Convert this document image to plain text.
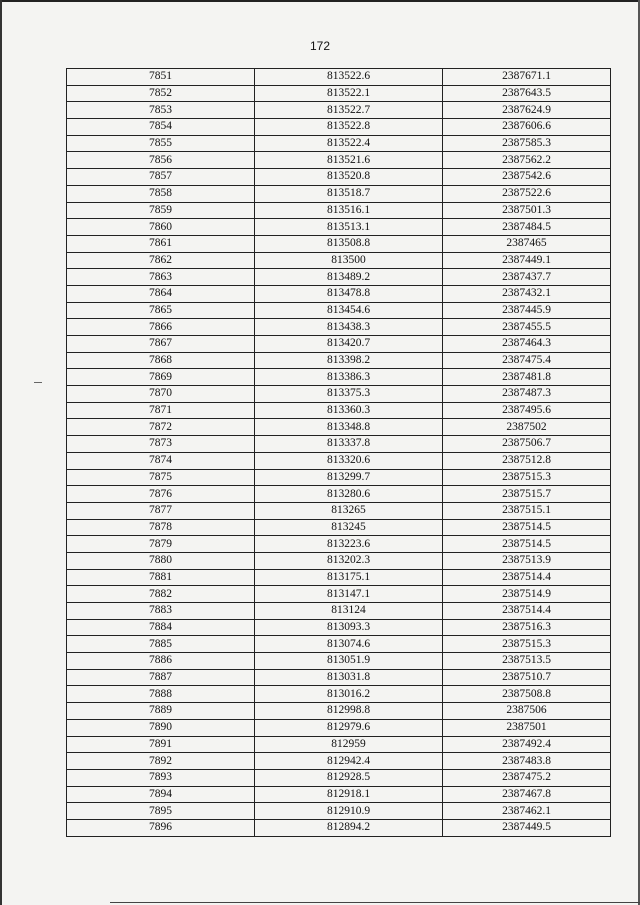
172
7851	813522.6	2387671.1
7852	813522.1	2387643.5
7853	813522.7	2387624.9
7854	813522.8	2387606.6
7855	813522.4	2387585.3
7856	813521.6	2387562.2
7857	813520.8	2387542.6
7858	813518.7	2387522.6
7859	813516.1	2387501.3
7860	813513.1	2387484.5
7861	813508.8	2387465
7862	813500	2387449.1
7863	813489.2	2387437.7
7864	813478.8	2387432.1
7865	813454.6	2387445.9
7866	813438.3	2387455.5
7867	813420.7	2387464.3
7868	813398.2	2387475.4
7869	813386.3	2387481.8
7870	813375.3	2387487.3
7871	813360.3	2387495.6
7872	813348.8	2387502
7873	813337.8	2387506.7
7874	813320.6	2387512.8
7875	813299.7	2387515.3
7876	813280.6	2387515.7
7877	813265	2387515.1
7878	813245	2387514.5
7879	813223.6	2387514.5
7880	813202.3	2387513.9
7881	813175.1	2387514.4
7882	813147.1	2387514.9
7883	813124	2387514.4
7884	813093.3	2387516.3
7885	813074.6	2387515.3
7886	813051.9	2387513.5
7887	813031.8	2387510.7
7888	813016.2	2387508.8
7889	812998.8	2387506
7890	812979.6	2387501
7891	812959	2387492.4
7892	812942.4	2387483.8
7893	812928.5	2387475.2
7894	812918.1	2387467.8
7895	812910.9	2387462.1
7896	812894.2	2387449.5
